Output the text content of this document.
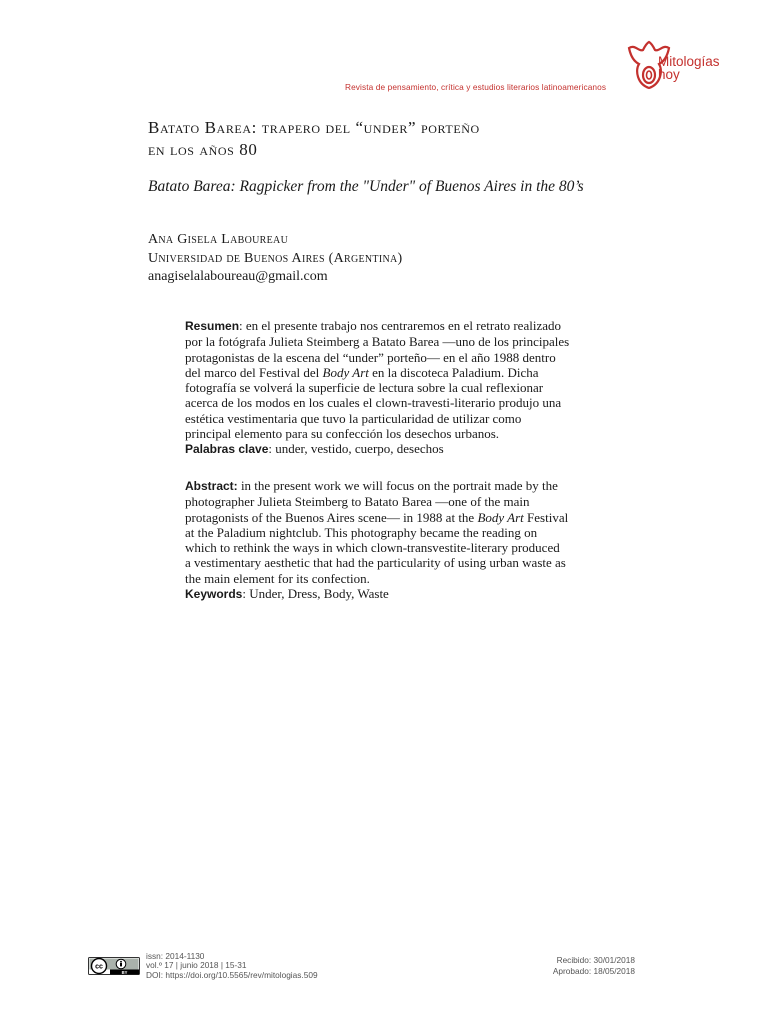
Revista de pensamiento, crítica y estudios literarios latinoamericanos
Mitologías
hoy
Batato Barea: trapero del “under” porteño
en los años 80
Batato Barea: Ragpicker from the "Under" of Buenos Aires in the 80’s
Ana Gisela Laboureau
Universidad de Buenos Aires (Argentina)
anagiselalaboureau@gmail.com
Resumen: en el presente trabajo nos centraremos en el retrato realizado
por la fotógrafa Julieta Steimberg a Batato Barea —uno de los principales
protagonistas de la escena del “under” porteño— en el año 1988 dentro
del marco del Festival del Body Art en la discoteca Paladium. Dicha
fotografía se volverá la superficie de lectura sobre la cual reflexionar
acerca de los modos en los cuales el clown-travesti-literario produjo una
estética vestimentaria que tuvo la particularidad de utilizar como
principal elemento para su confección los desechos urbanos.
Palabras clave: under, vestido, cuerpo, desechos
Abstract: in the present work we will focus on the portrait made by the
photographer Julieta Steimberg to Batato Barea —one of the main
protagonists of the Buenos Aires scene— in 1988 at the Body Art Festival
at the Paladium nightclub. This photography became the reading on
which to rethink the ways in which clown-transvestite-literary produced
a vestimentary aesthetic that had the particularity of using urban waste as
the main element for its confection.
Keywords: Under, Dress, Body, Waste
cc
BY
issn: 2014-1130
vol.º 17 | junio 2018 | 15-31
DOI: https://doi.org/10.5565/rev/mitologias.509
Recibido: 30/01/2018
Aprobado: 18/05/2018
